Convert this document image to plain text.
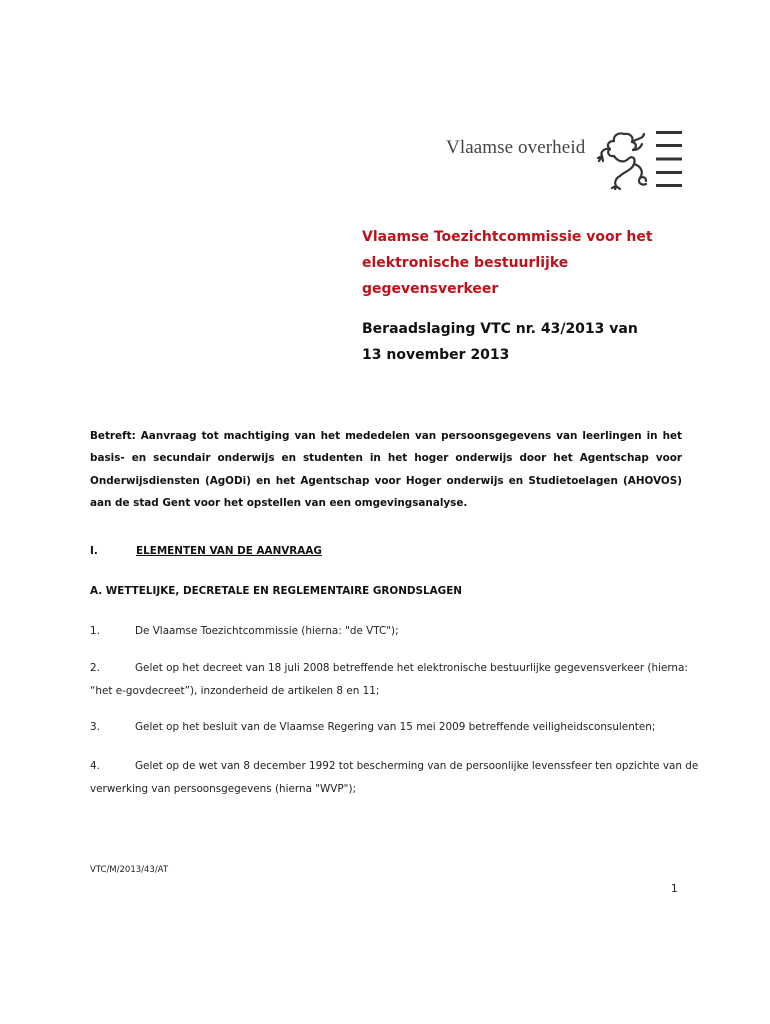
Vlaamse overheid
Vlaamse Toezichtcommissie voor het
elektronische bestuurlijke
gegevensverkeer
Beraadslaging VTC nr. 43/2013 van
13 november 2013
Betreft: Aanvraag tot machtiging van het mededelen van persoonsgegevens van leerlingen in het basis- en secundair onderwijs en studenten in het hoger onderwijs door het Agentschap voor Onderwijsdiensten (AgODi) en het Agentschap voor Hoger onderwijs en Studietoelagen (AHOVOS) aan de stad Gent voor het opstellen van een omgevingsanalyse.
I.	ELEMENTEN VAN DE AANVRAAG
A. WETTELIJKE, DECRETALE EN REGLEMENTAIRE GRONDSLAGEN
1.	De Vlaamse Toezichtcommissie (hierna: "de VTC");
2.	Gelet op het decreet van 18 juli 2008 betreffende het elektronische bestuurlijke gegevensverkeer (hierna:
“het e-govdecreet”), inzonderheid de artikelen 8 en 11;
3.	Gelet op het besluit van de Vlaamse Regering van 15 mei 2009 betreffende veiligheidsconsulenten;
4.	Gelet op de wet van 8 december 1992 tot bescherming van de persoonlijke levenssfeer ten opzichte van de
verwerking van persoonsgegevens (hierna "WVP");
VTC/M/2013/43/AT
1
